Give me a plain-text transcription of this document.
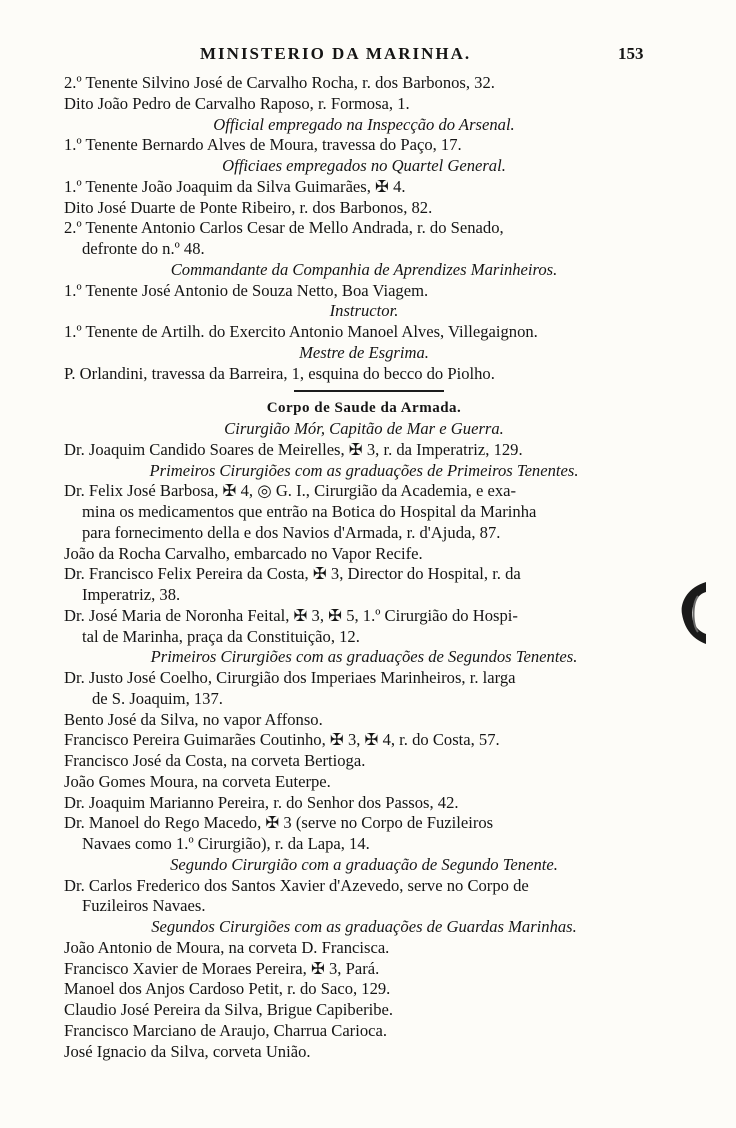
MINISTERIO DA MARINHA.	153
2.º Tenente Silvino José de Carvalho Rocha, r. dos Barbonos, 32.
Dito João Pedro de Carvalho Raposo, r. Formosa, 1.
Official empregado na Inspecção do Arsenal.
1.º Tenente Bernardo Alves de Moura, travessa do Paço, 17.
Officiaes empregados no Quartel General.
1.º Tenente João Joaquim da Silva Guimarães, ✠ 4.
Dito José Duarte de Ponte Ribeiro, r. dos Barbonos, 82.
2.º Tenente Antonio Carlos Cesar de Mello Andrada, r. do Senado,
defronte do n.º 48.
Commandante da Companhia de Aprendizes Marinheiros.
1.º Tenente José Antonio de Souza Netto, Boa Viagem.
Instructor.
1.º Tenente de Artilh. do Exercito Antonio Manoel Alves, Villegaignon.
Mestre de Esgrima.
P. Orlandini, travessa da Barreira, 1, esquina do becco do Piolho.
Corpo de Saude da Armada.
Cirurgião Mór, Capitão de Mar e Guerra.
Dr. Joaquim Candido Soares de Meirelles, ✠ 3, r. da Imperatriz, 129.
Primeiros Cirurgiões com as graduações de Primeiros Tenentes.
Dr. Felix José Barbosa, ✠ 4, ◎ G. I., Cirurgião da Academia, e exa-
mina os medicamentos que entrão na Botica do Hospital da Marinha
para fornecimento della e dos Navios d'Armada, r. d'Ajuda, 87.
João da Rocha Carvalho, embarcado no Vapor Recife.
Dr. Francisco Felix Pereira da Costa, ✠ 3, Director do Hospital, r. da
Imperatriz, 38.
Dr. José Maria de Noronha Feital, ✠ 3, ✠ 5, 1.º Cirurgião do Hospi-
tal de Marinha, praça da Constituição, 12.
Primeiros Cirurgiões com as graduações de Segundos Tenentes.
Dr. Justo José Coelho, Cirurgião dos Imperiaes Marinheiros, r. larga
de S. Joaquim, 137.
Bento José da Silva, no vapor Affonso.
Francisco Pereira Guimarães Coutinho, ✠ 3, ✠ 4, r. do Costa, 57.
Francisco José da Costa, na corveta Bertioga.
João Gomes Moura, na corveta Euterpe.
Dr. Joaquim Marianno Pereira, r. do Senhor dos Passos, 42.
Dr. Manoel do Rego Macedo, ✠ 3 (serve no Corpo de Fuzileiros
Navaes como 1.º Cirurgião), r. da Lapa, 14.
Segundo Cirurgião com a graduação de Segundo Tenente.
Dr. Carlos Frederico dos Santos Xavier d'Azevedo, serve no Corpo de
Fuzileiros Navaes.
Segundos Cirurgiões com as graduações de Guardas Marinhas.
João Antonio de Moura, na corveta D. Francisca.
Francisco Xavier de Moraes Pereira, ✠ 3, Pará.
Manoel dos Anjos Cardoso Petit, r. do Saco, 129.
Claudio José Pereira da Silva, Brigue Capiberibe.
Francisco Marciano de Araujo, Charrua Carioca.
José Ignacio da Silva, corveta União.
